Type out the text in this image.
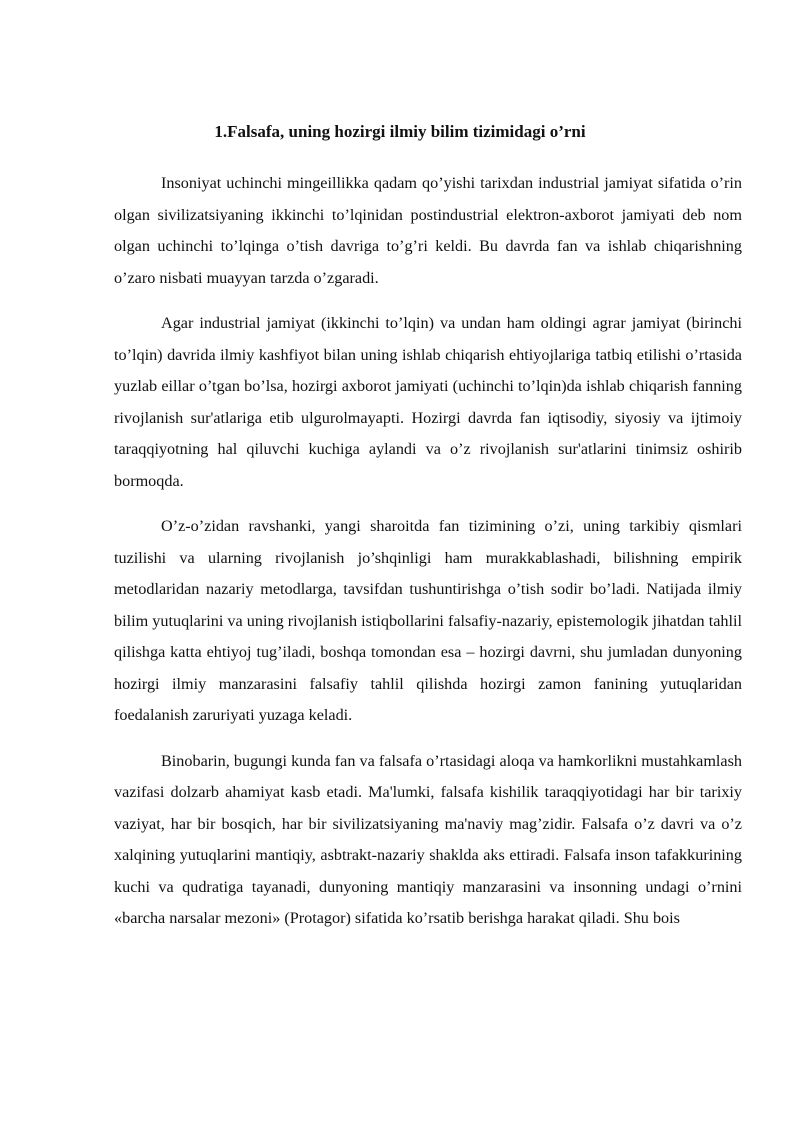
1.Falsafa, uning hozirgi ilmiy bilim tizimidagi o’rni

Insoniyat uchinchi mingeillikka qadam qo’yishi tarixdan industrial jamiyat sifatida o’rin olgan sivilizatsiyaning ikkinchi to’lqinidan postindustrial elektron-axborot jamiyati deb nom olgan uchinchi to’lqinga o’tish davriga to’g’ri keldi. Bu davrda fan va ishlab chiqarishning o’zaro nisbati muayyan tarzda o’zgaradi.

Agar industrial jamiyat (ikkinchi to’lqin) va undan ham oldingi agrar jamiyat (birinchi to’lqin) davrida ilmiy kashfiyot bilan uning ishlab chiqarish ehtiyojlariga tatbiq etilishi o’rtasida yuzlab eillar o’tgan bo’lsa, hozirgi axborot jamiyati (uchinchi to’lqin)da ishlab chiqarish fanning rivojlanish sur'atlariga etib ulgurolmayapti. Hozirgi davrda fan iqtisodiy, siyosiy va ijtimoiy taraqqiyotning hal qiluvchi kuchiga aylandi va o’z rivojlanish sur'atlarini tinimsiz oshirib bormoqda.

O’z-o’zidan ravshanki, yangi sharoitda fan tizimining o’zi, uning tarkibiy qismlari tuzilishi va ularning rivojlanish jo’shqinligi ham murakkablashadi, bilishning empirik metodlaridan nazariy metodlarga, tavsifdan tushuntirishga o’tish sodir bo’ladi. Natijada ilmiy bilim yutuqlarini va uning rivojlanish istiqbollarini falsafiy-nazariy, epistemologik jihatdan tahlil qilishga katta ehtiyoj tug’iladi, boshqa tomondan esa – hozirgi davrni, shu jumladan dunyoning hozirgi ilmiy manzarasini falsafiy tahlil qilishda hozirgi zamon fanining yutuqlaridan foedalanish zaruriyati yuzaga keladi.

Binobarin, bugungi kunda fan va falsafa o’rtasidagi aloqa va hamkorlikni mustahkamlash vazifasi dolzarb ahamiyat kasb etadi. Ma'lumki, falsafa kishilik taraqqiyotidagi har bir tarixiy vaziyat, har bir bosqich, har bir sivilizatsiyaning ma'naviy mag’zidir. Falsafa o’z davri va o’z xalqining yutuqlarini mantiqiy, asbtrakt-nazariy shaklda aks ettiradi. Falsafa inson tafakkurining kuchi va qudratiga tayanadi, dunyoning mantiqiy manzarasini va insonning undagi o’rnini «barcha narsalar mezoni» (Protagor) sifatida ko’rsatib berishga harakat qiladi. Shu bois
